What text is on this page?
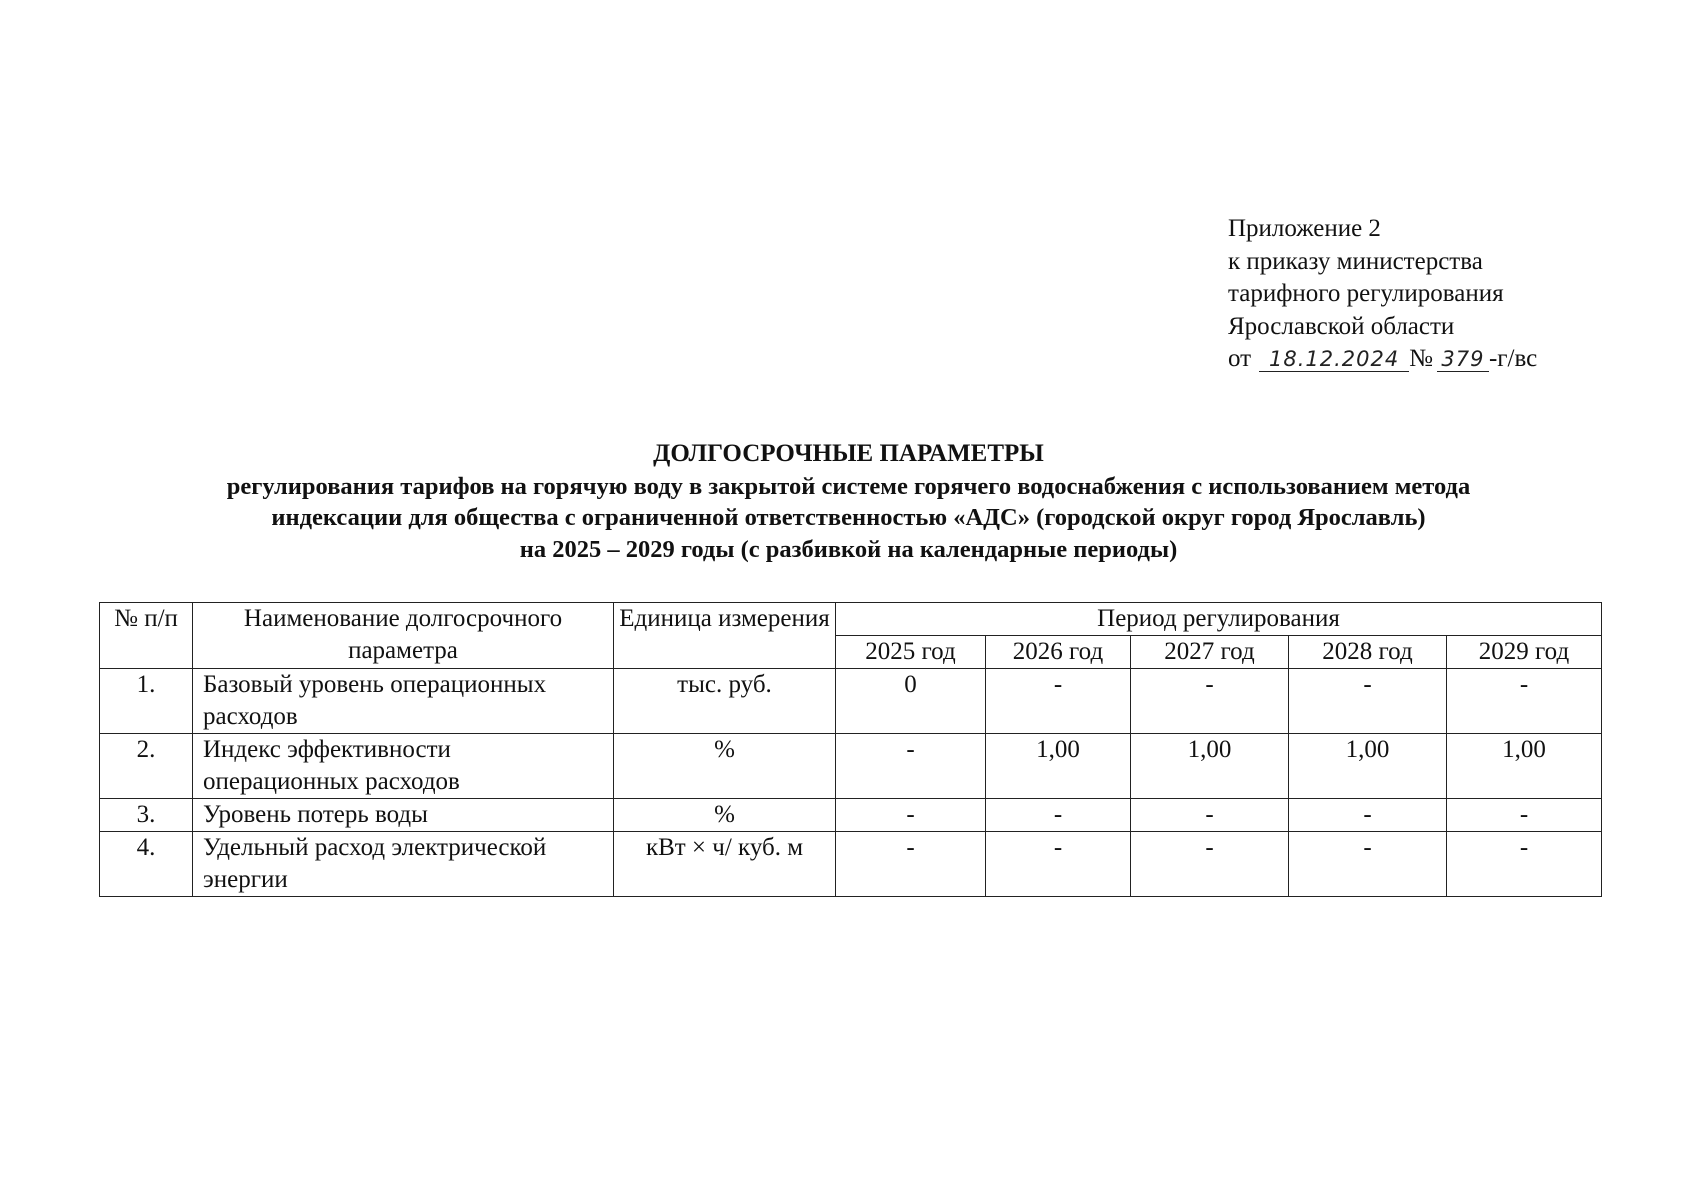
Приложение 2
к приказу министерства
тарифного регулирования
Ярославской области
от 18.12.2024 № 379 -г/вс
ДОЛГОСРОЧНЫЕ ПАРАМЕТРЫ
регулирования тарифов на горячую воду в закрытой системе горячего водоснабжения с использованием метода
индексации для общества с ограниченной ответственностью «АДС» (городской округ город Ярославль)
на 2025 – 2029 годы (с разбивкой на календарные периоды)
№ п/п	Наименование долгосрочного параметра	Единица измерения	Период регулирования				
			2025 год	2026 год	2027 год	2028 год	2029 год
1.	Базовый уровень операционных расходов	тыс. руб.	0	-	-	-	-
2.	Индекс эффективности операционных расходов	%	-	1,00	1,00	1,00	1,00
3.	Уровень потерь воды	%	-	-	-	-	-
4.	Удельный расход электрической энергии	кВт × ч/ куб. м	-	-	-	-	-
